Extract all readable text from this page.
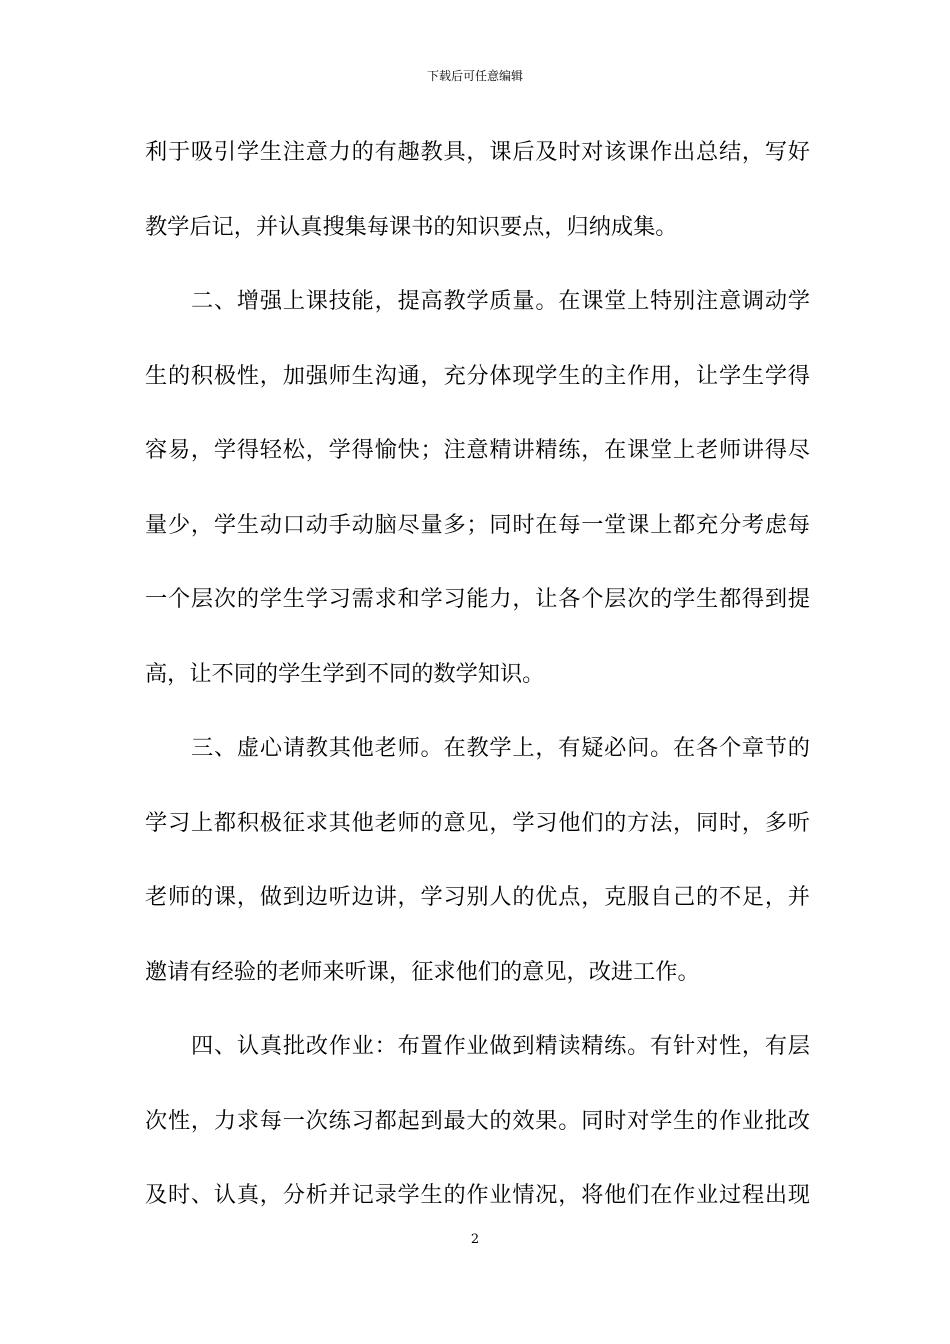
下载后可任意编辑
利于吸引学生注意力的有趣教具，课后及时对该课作出总结，写好
教学后记，并认真搜集每课书的知识要点，归纳成集。
二、增强上课技能，提高教学质量。在课堂上特别注意调动学
生的积极性，加强师生沟通，充分体现学生的主作用，让学生学得
容易，学得轻松，学得愉快；注意精讲精练，在课堂上老师讲得尽
量少，学生动口动手动脑尽量多；同时在每一堂课上都充分考虑每
一个层次的学生学习需求和学习能力，让各个层次的学生都得到提
高，让不同的学生学到不同的数学知识。
三、虚心请教其他老师。在教学上，有疑必问。在各个章节的
学习上都积极征求其他老师的意见，学习他们的方法，同时，多听
老师的课，做到边听边讲，学习别人的优点，克服自己的不足，并
邀请有经验的老师来听课，征求他们的意见，改进工作。
四、认真批改作业：布置作业做到精读精练。有针对性，有层
次性，力求每一次练习都起到最大的效果。同时对学生的作业批改
及时、认真，分析并记录学生的作业情况，将他们在作业过程出现
2
